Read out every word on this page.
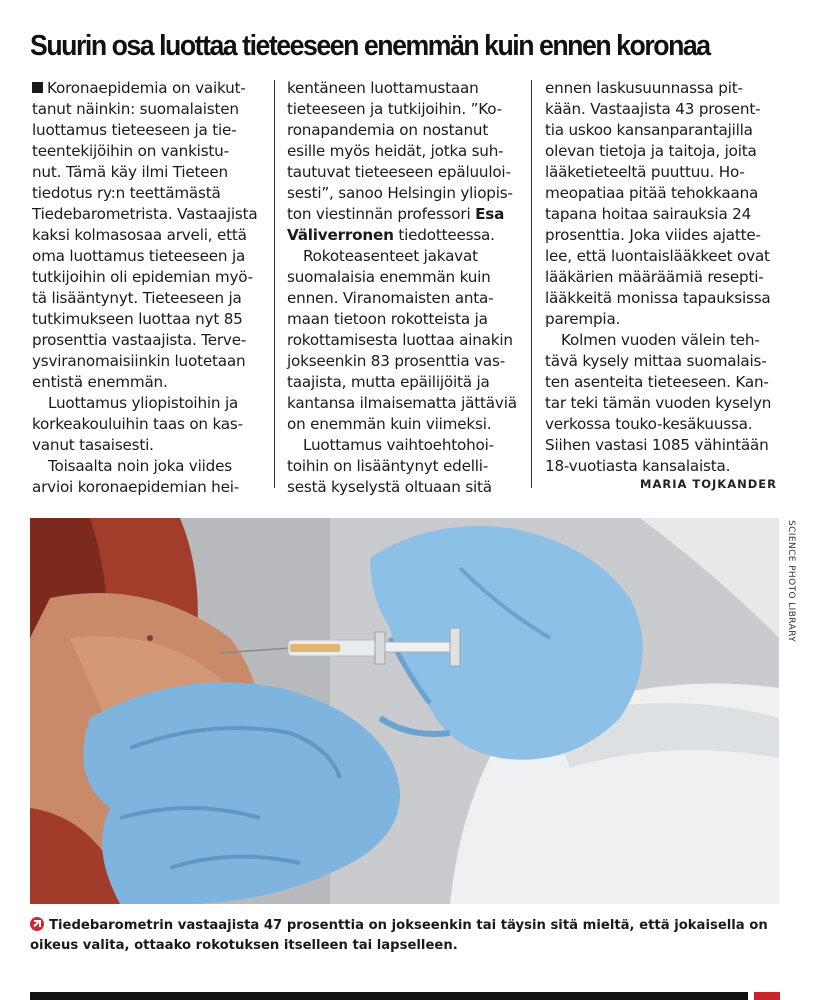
Suurin osa luottaa tieteeseen enemmän kuin ennen koronaa

Koronaepidemia on vaikut-

tanut näinkin: suomalaisten

luottamus tieteeseen ja tie-

teentekijöihin on vankistu-

nut. Tämä käy ilmi Tieteen

tiedotus ry:n teettämästä

Tiedebarometrista. Vastaajista

kaksi kolmasosaa arveli, että

oma luottamus tieteeseen ja

tutkijoihin oli epidemian myö-

tä lisääntynyt. Tieteeseen ja

tutkimukseen luottaa nyt 85

prosenttia vastaajista. Terve-

ysviranomaisiinkin luotetaan

entistä enemmän.

Luottamus yliopistoihin ja

korkeakouluihin taas on kas-

vanut tasaisesti.

Toisaalta noin joka viides

arvioi koronaepidemian hei-

kentäneen luottamustaan

tieteeseen ja tutkijoihin. ”Ko-

ronapandemia on nostanut

esille myös heidät, jotka suh-

tautuvat tieteeseen epäluuloi-

sesti”, sanoo Helsingin yliopis-

ton viestinnän professori Esa

Väliverronen tiedotteessa.

Rokoteasenteet jakavat

suomalaisia enemmän kuin

ennen. Viranomaisten anta-

maan tietoon rokotteista ja

rokottamisesta luottaa ainakin

jokseenkin 83 prosenttia vas-

taajista, mutta epäilijöitä ja

kantansa ilmaisematta jättäviä

on enemmän kuin viimeksi.

Luottamus vaihtoehtohoi-

toihin on lisääntynyt edelli-

sestä kyselystä oltuaan sitä

ennen laskusuunnassa pit-

kään. Vastaajista 43 prosent-

tia uskoo kansanparantajilla

olevan tietoja ja taitoja, joita

lääketieteeltä puuttuu. Ho-

meopatiaa pitää tehokkaana

tapana hoitaa sairauksia 24

prosenttia. Joka viides ajatte-

lee, että luontaislääkkeet ovat

lääkärien määräämiä resepti-

lääkkeitä monissa tapauksissa

parempia.

Kolmen vuoden välein teh-

tävä kysely mittaa suomalais-

ten asenteita tieteeseen. Kan-

tar teki tämän vuoden kyselyn

verkossa touko-kesäkuussa.

Siihen vastasi 1085 vähintään

18-vuotiasta kansalaista.

MARIA TOJKANDER
SCIENCE PHOTO LIBRARY
Tiedebarometrin vastaajista 47 prosenttia on jokseenkin tai täysin sitä mieltä, että jokaisella on oikeus valita, ottaako rokotuksen itselleen tai lapselleen.
